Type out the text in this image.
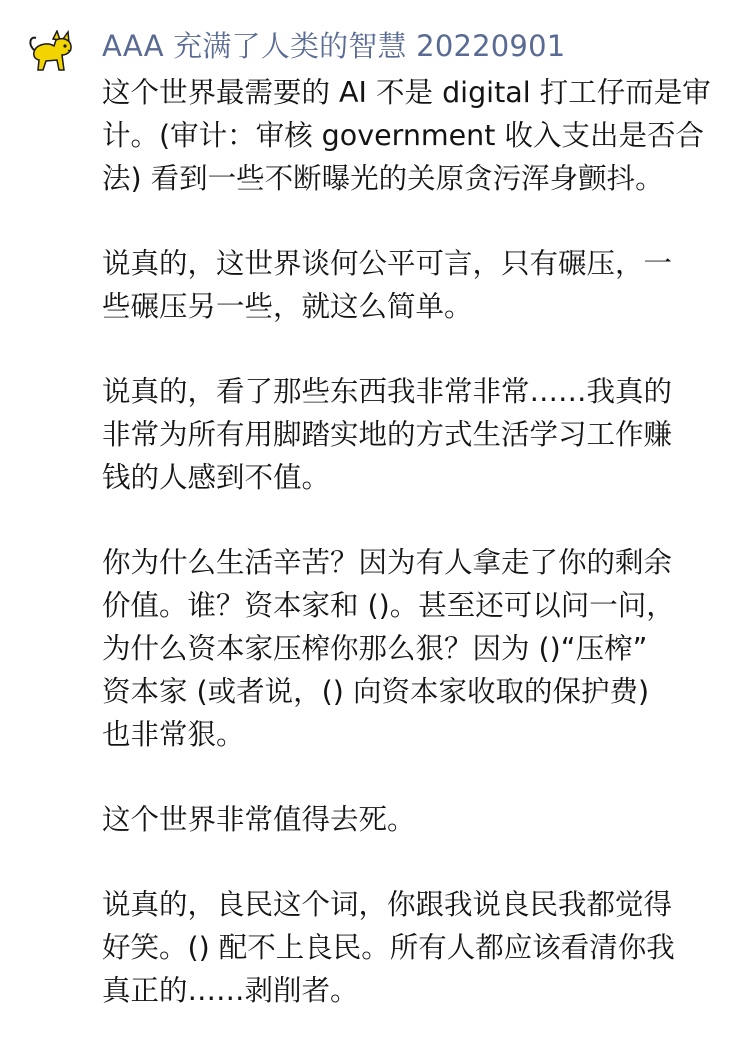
AAA 充满了人类的智慧 20220901
这个世界最需要的 AI 不是 digital 打工仔而是审
计。(审计：审核 government 收入支出是否合
法) 看到一些不断曝光的关原贪污浑身颤抖。
说真的，这世界谈何公平可言，只有碾压，一
些碾压另一些，就这么简单。
说真的，看了那些东西我非常非常……我真的
非常为所有用脚踏实地的方式生活学习工作赚
钱的人感到不值。
你为什么生活辛苦？因为有人拿走了你的剩余
价值。谁？资本家和 ()。甚至还可以问一问，
为什么资本家压榨你那么狠？因为 ()“压榨”
资本家 (或者说，() 向资本家收取的保护费)
也非常狠。
这个世界非常值得去死。
说真的，良民这个词，你跟我说良民我都觉得
好笑。() 配不上良民。所有人都应该看清你我
真正的……剥削者。
